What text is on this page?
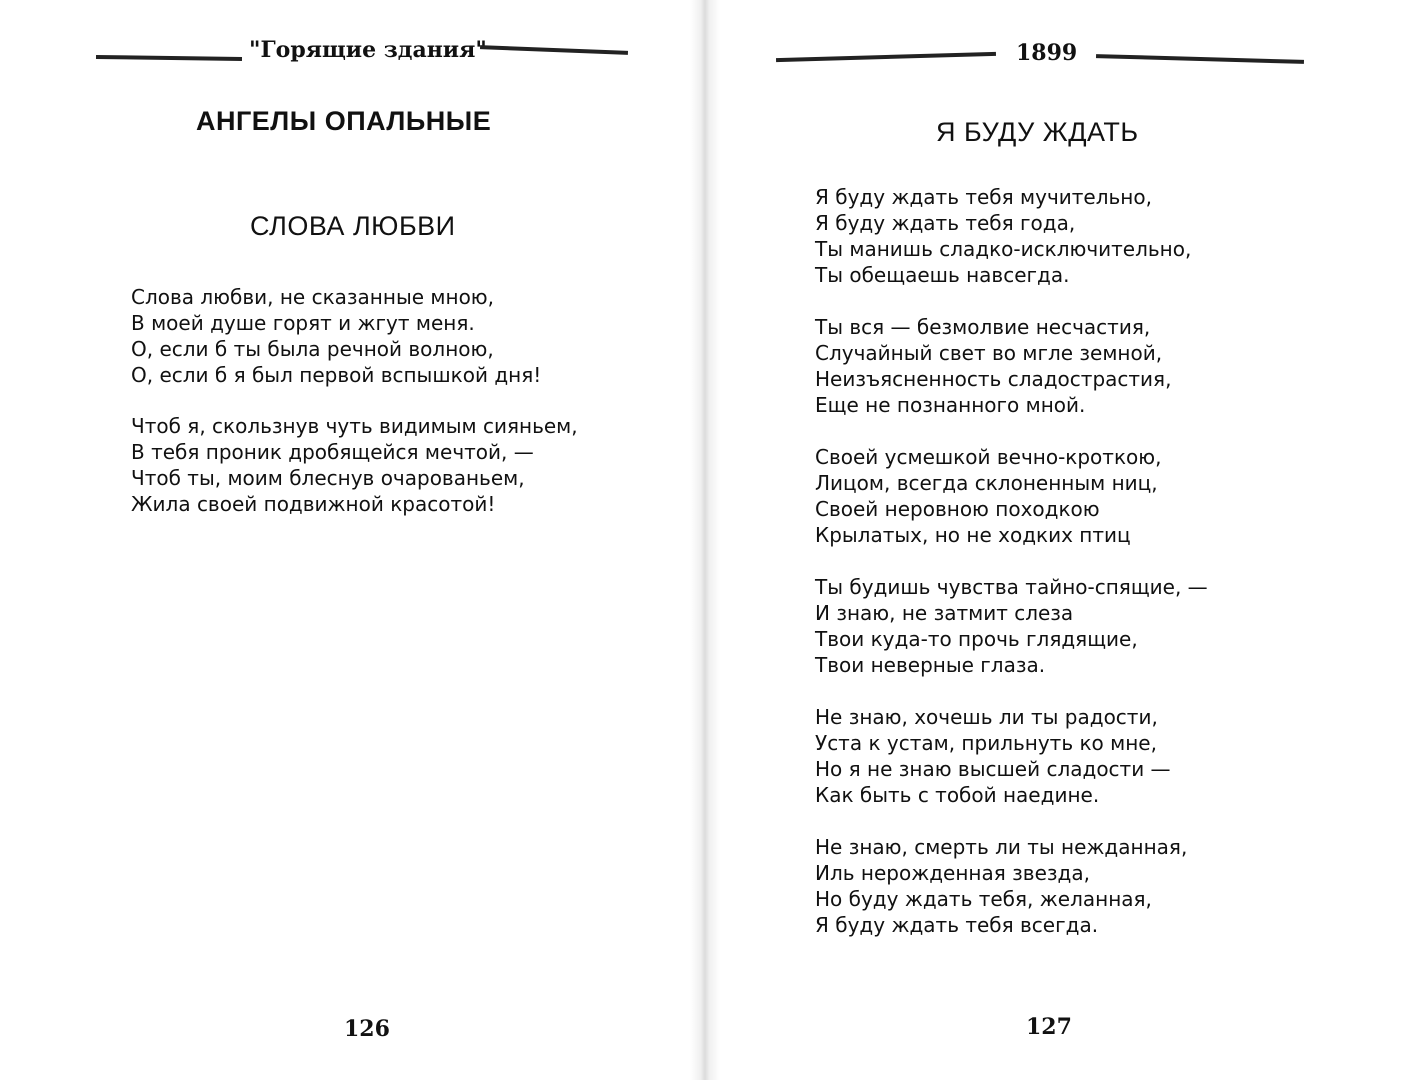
"Горящие здания"
АНГЕЛЫ ОПАЛЬНЫЕ
СЛОВА ЛЮБВИ
Слова любви, не сказанные мною,
В моей душе горят и жгут меня.
О, если б ты была речной волною,
О, если б я был первой вспышкой дня!
Чтоб я, скользнув чуть видимым сияньем,
В тебя проник дробящейся мечтой, —
Чтоб ты, моим блеснув очарованьем,
Жила своей подвижной красотой!
126
1899
Я БУДУ ЖДАТЬ
Я буду ждать тебя мучительно,
Я буду ждать тебя года,
Ты манишь сладко-исключительно,
Ты обещаешь навсегда.
Ты вся — безмолвие несчастия,
Случайный свет во мгле земной,
Неизъясненность сладострастия,
Еще не познанного мной.
Своей усмешкой вечно-кроткою,
Лицом, всегда склоненным ниц,
Своей неровною походкою
Крылатых, но не ходких птиц
Ты будишь чувства тайно-спящие, —
И знаю, не затмит слеза
Твои куда-то прочь глядящие,
Твои неверные глаза.
Не знаю, хочешь ли ты радости,
Уста к устам, прильнуть ко мне,
Но я не знаю высшей сладости —
Как быть с тобой наедине.
Не знаю, смерть ли ты нежданная,
Иль нерожденная звезда,
Но буду ждать тебя, желанная,
Я буду ждать тебя всегда.
127
